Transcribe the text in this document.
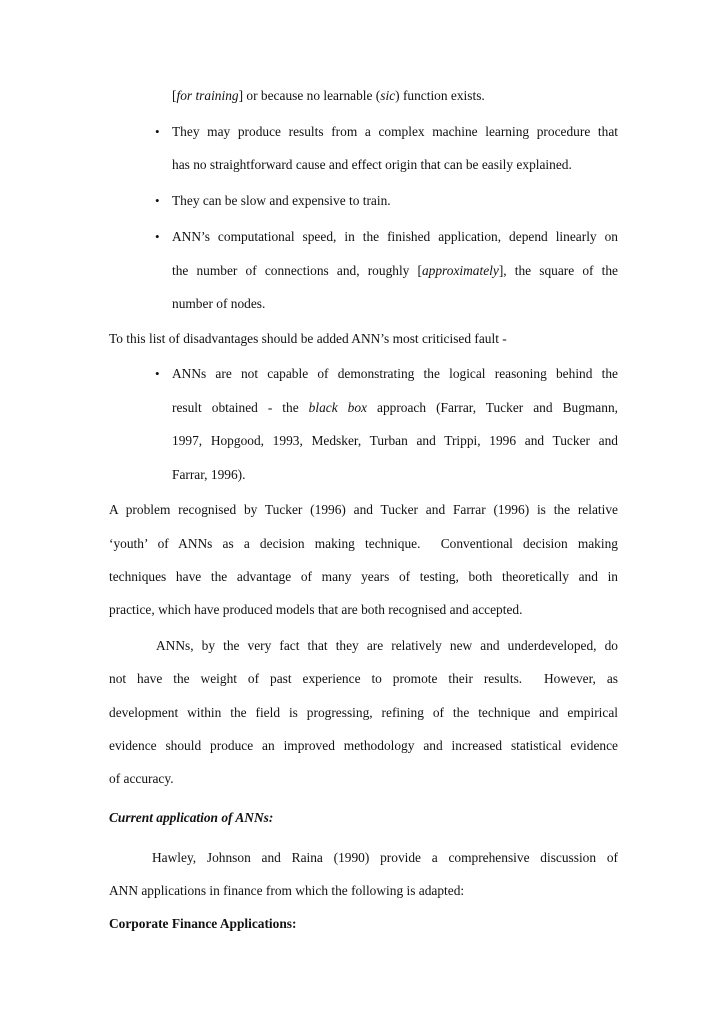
[for training] or because no learnable (sic) function exists.
• They may produce results from a complex machine learning procedure that
has no straightforward cause and effect origin that can be easily explained.
• They can be slow and expensive to train.
• ANN’s computational speed, in the finished application, depend linearly on
the number of connections and, roughly [approximately], the square of the
number of nodes.
To this list of disadvantages should be added ANN’s most criticised fault -
• ANNs are not capable of demonstrating the logical reasoning behind the
result obtained - the black box approach (Farrar, Tucker and Bugmann,
1997, Hopgood, 1993, Medsker, Turban and Trippi, 1996 and Tucker and
Farrar, 1996).
A problem recognised by Tucker (1996) and Tucker and Farrar (1996) is the relative
‘youth’ of ANNs as a decision making technique.  Conventional decision making
techniques have the advantage of many years of testing, both theoretically and in
practice, which have produced models that are both recognised and accepted.
ANNs, by the very fact that they are relatively new and underdeveloped, do
not have the weight of past experience to promote their results.  However, as
development within the field is progressing, refining of the technique and empirical
evidence should produce an improved methodology and increased statistical evidence
of accuracy.
Current application of ANNs:
Hawley, Johnson and Raina (1990) provide a comprehensive discussion of
ANN applications in finance from which the following is adapted:
Corporate Finance Applications:
